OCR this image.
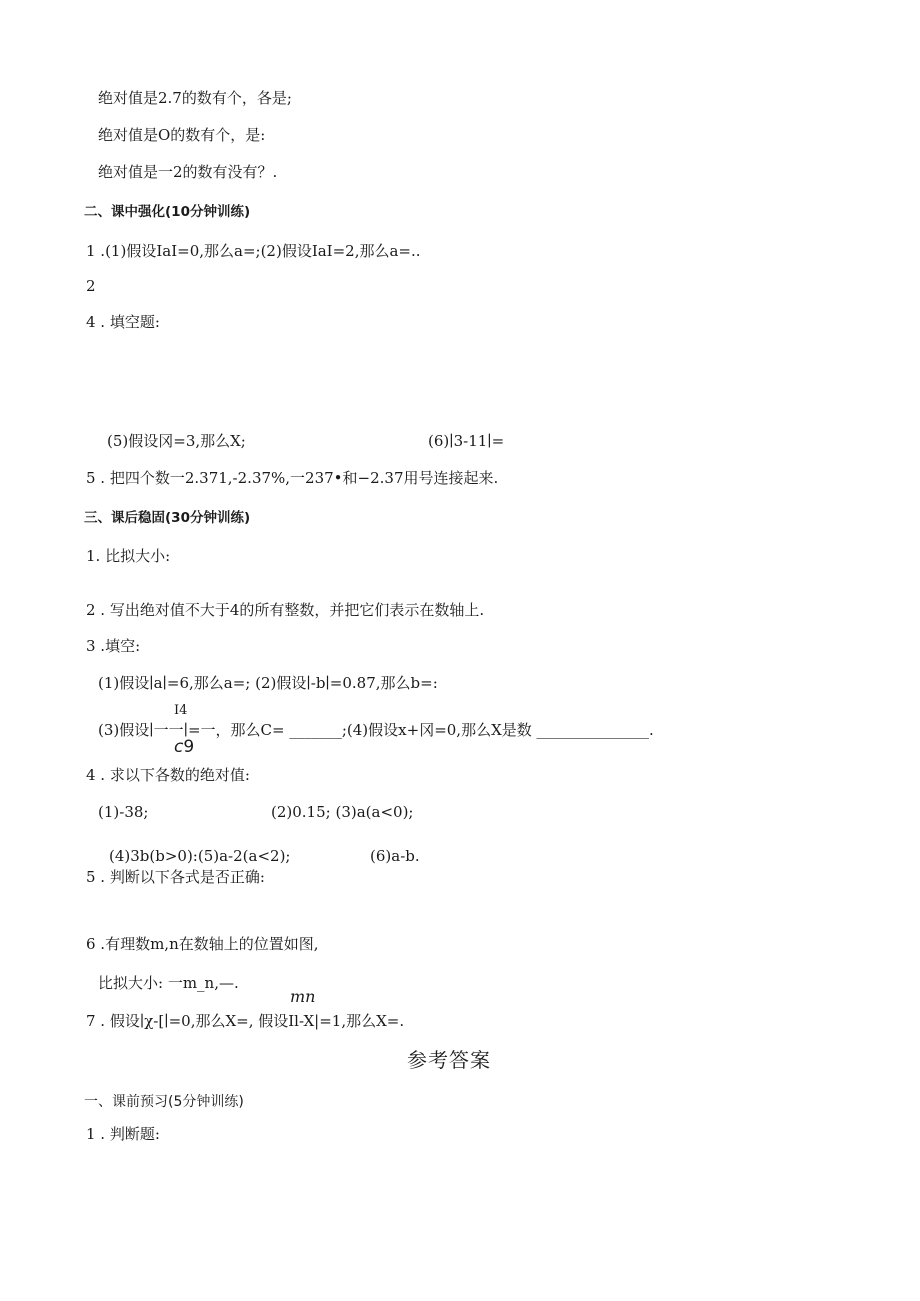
绝对值是2.7的数有个，各是;
绝对值是O的数有个，是:
绝对值是一2的数有没有？.
二、课中强化(10分钟训练)
1 .(1)假设IaI=0,那么a=;(2)假设IaI=2,那么a=..
2
4 . 填空题:
(5)假设冈=3,那么X;	(6)∣3-11∣=
5 . 把四个数一2.371,-2.37%,一237•和−2.37用号连接起来.
三、课后稳固(30分钟训练)
1. 比拟大小:
2 . 写出绝对值不大于4的所有整数，并把它们表示在数轴上.
3 .填空:
(1)假设∣a∣=6,那么a=; (2)假设∣-b∣=0.87,那么b=:
I4
(3)假设∣一一∣=一，那么C= _______;(4)假设x+冈=0,那么X是数 _______________.
c9
4 . 求以下各数的绝对值:
(1)-38;	(2)0.15; (3)a(a<0);
(4)3b(b>0):(5)a-2(a<2);	(6)a-b.
5 . 判断以下各式是否正确:
6 .有理数m,n在数轴上的位置如图,
比拟大小: 一m_n,—.
mn
7 . 假设∣χ-[∣=0,那么X=, 假设Il-X|=1,那么X=.
参考答案
一、课前预习(5分钟训练)
1 . 判断题:
